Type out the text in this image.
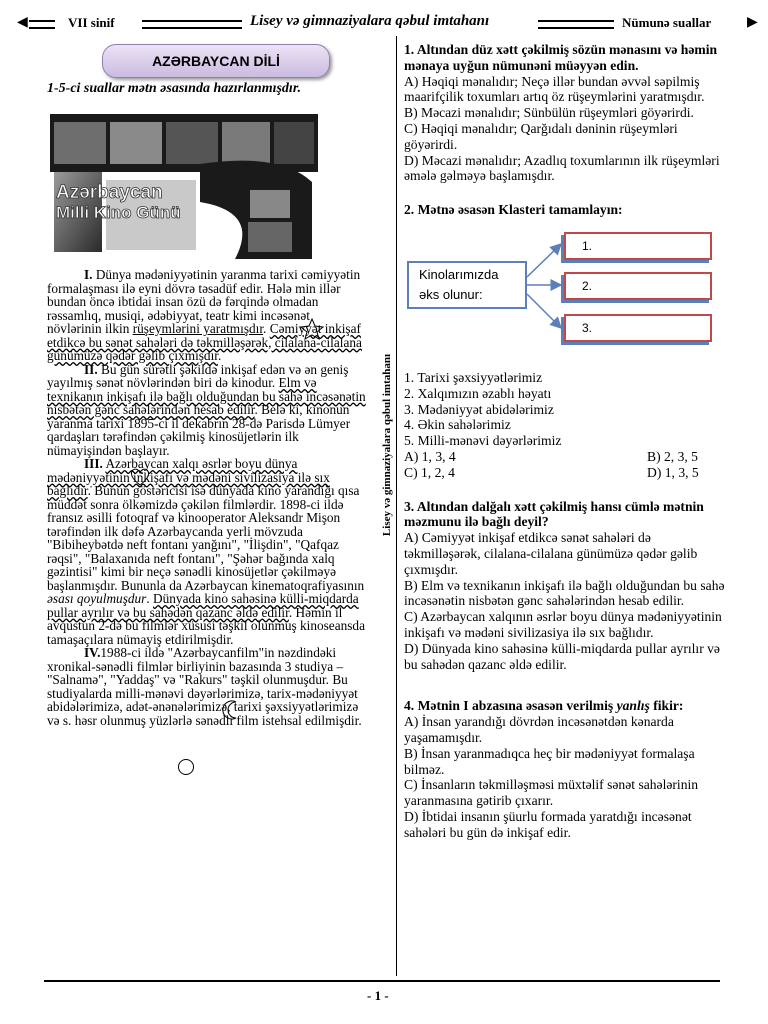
◀	VII sinif	Lisey və gimnaziyalara qəbul imtahanı	Nümunə suallar	▶
Lisey və gimnaziyalara qəbul imtahanı
AZƏRBAYCAN DİLİ
1-5-ci suallar mətn əsasında hazırlanmışdır.
Azərbaycan
Milli Kino Günü

I. Dünya mədəniyyətinin yaranma tarixi cəmiyyətin formalaşması ilə eyni dövrə təsadüf edir. Hələ min illər bundan öncə ibtidai insan özü də fərqində olmadan rəssamlıq, musiqi, ədəbiyyat, teatr kimi incəsənət növlərinin ilkin rüşeymlərini yaratmışdır. Cəmiyyət inkişaf etdikcə bu sənət sahələri də təkmilləşərək, cilalana-cilalana günümüzə qədər gəlib çıxmışdır.

II. Bu gün sürətli şəkildə inkişaf edən və ən geniş yayılmış sənət növlərindən biri də kinodur. Elm və texnikanın inkişafı ilə bağlı olduğundan bu sahə incəsənətin nisbətən gənc sahələrindən hesab edilir. Belə ki, kinonun yaranma tarixi 1895-ci il dekabrın 28-də Parisdə Lümyer qardaşları tərəfindən çəkilmiş kinosüjetlərin ilk nümayişindən başlayır.

III. Azərbaycan xalqı əsrlər boyu dünya mədəniyyətinin inkişafı və mədəni sivilizasiya ilə sıx bağlıdır. Bunun göstəricisi isə dünyada kino yarandığı qısa müddət sonra ölkəmizdə çəkilən filmlərdir. 1898-ci ildə fransız əsilli fotoqraf və kinooperator Aleksandr Mişon tərəfindən ilk dəfə Azərbaycanda yerli mövzuda "Bibiheybətdə neft fontanı yanğını", "İlişdin", "Qafqaz rəqsi", "Balaxanıda neft fontanı", "Şəhər bağında xalq gəzintisi" kimi bir neçə sənədli kinosüjetlər çəkilməyə başlanmışdır. Bununla da Azərbaycan kinematoqrafiyasının əsası qoyulmuşdur. Dünyada kino sahəsinə külli-miqdarda pullar ayrılır və bu sahədən qazanc əldə edilir. Həmin il avqustun 2-də bu filmlər xüsusi təşkil olunmuş kinoseansda tamaşaçılara nümayiş etdirilmişdir.

IV.1988-ci ildə "Azərbaycanfilm"in nəzdindəki xronikal-sənədli filmlər birliyinin bazasında 3 studiya – "Salnamə", "Yaddaş" və "Rakurs" təşkil olunmuşdur. Bu studiyalarda milli-mənəvi dəyərlərimizə, tarix-mədəniyyət abidələrimizə, adət-ənənələrimizə, tarixi şəxsiyyətlərimizə və s. həsr olunmuş yüzlərlə sənədli film istehsal edilmişdir.

1. Altından düz xətt çəkilmiş sözün mənasını və həmin mənaya uyğun nümunəni müəyyən edin.
A) Həqiqi mənalıdır; Neçə illər bundan əvvəl səpilmiş maarifçilik toxumları artıq öz rüşeymlərini yaratmışdır.
B) Məcazi mənalıdır; Sünbülün rüşeymləri göyərirdi.
C) Həqiqi mənalıdır; Qarğıdalı dəninin rüşeymləri göyərirdi.
D) Məcazi mənalıdır; Azadlıq toxumlarının ilk rüşeymləri əmələ gəlməyə başlamışdır.
2. Mətnə əsasən Klasteri tamamlayın:
Kinolarımızda əks olunur:
1.
2.
3.
1. Tarixi şəxsiyyətlərimiz
2. Xalqımızın əzablı həyatı
3. Mədəniyyət abidələrimiz
4. Əkin sahələrimiz
5. Milli-mənəvi dəyərlərimiz
A) 1, 3, 4	B) 2, 3, 5
C) 1, 2, 4	D) 1, 3, 5
3. Altından dalğalı xətt çəkilmiş hansı cümlə mətnin məzmunu ilə bağlı deyil?
A) Cəmiyyət inkişaf etdikcə sənət sahələri də təkmilləşərək, cilalana-cilalana günümüzə qədər gəlib çıxmışdır.
B) Elm və texnikanın inkişafı ilə bağlı olduğundan bu sahə incəsənətin nisbətən gənc sahələrindən hesab edilir.
C) Azərbaycan xalqının əsrlər boyu dünya mədəniyyətinin inkişafı və mədəni sivilizasiya ilə sıx bağlıdır.
D) Dünyada kino sahəsinə külli-miqdarda pullar ayrılır və bu sahədən qazanc əldə edilir.
4. Mətnin I abzasına əsasən verilmiş yanlış fikir:
A) İnsan yarandığı dövrdən incəsənətdən kənarda yaşamamışdır.
B) İnsan yaranmadıqca heç bir mədəniyyət formalaşa bilməz.
C) İnsanların təkmilləşməsi müxtəlif sənət sahələrinin yaranmasına gətirib çıxarır.
D) İbtidai insanın şüurlu formada yaratdığı incəsənət sahələri bu gün də inkişaf edir.
- 1 -
